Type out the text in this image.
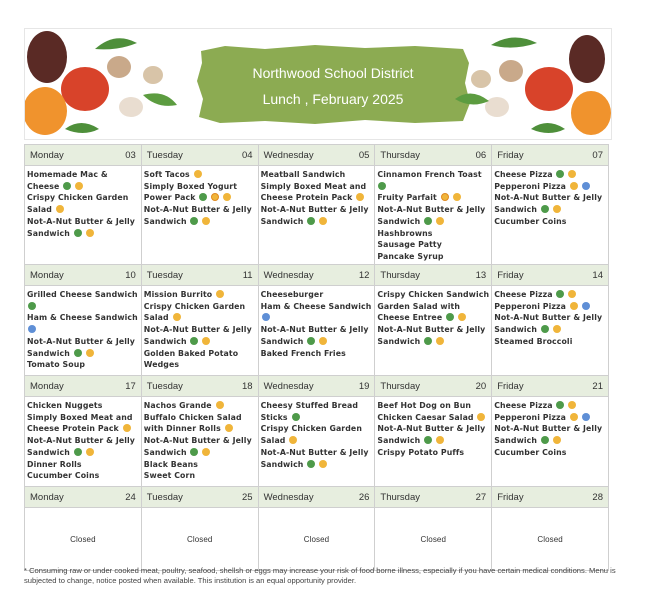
Northwood School District
Lunch , February 2025
Monday	03
Homemade Mac & Cheese
Crispy Chicken Garden Salad
Not-A-Nut Butter & Jelly Sandwich
Tuesday	04
Soft Tacos
Simply Boxed Yogurt Power Pack
Not-A-Nut Butter & Jelly Sandwich
Wednesday	05
Meatball Sandwich
Simply Boxed Meat and Cheese Protein Pack
Not-A-Nut Butter & Jelly Sandwich
Thursday	06
Cinnamon French Toast
Fruity Parfait
Not-A-Nut Butter & Jelly Sandwich
Hashbrowns
Sausage Patty
Pancake Syrup
Friday	07
Cheese Pizza
Pepperoni Pizza
Not-A-Nut Butter & Jelly Sandwich
Cucumber Coins
Monday	10
Grilled Cheese Sandwich
Ham & Cheese Sandwich
Not-A-Nut Butter & Jelly Sandwich
Tomato Soup
Tuesday	11
Mission Burrito
Crispy Chicken Garden Salad
Not-A-Nut Butter & Jelly Sandwich
Golden Baked Potato Wedges
Wednesday	12
Cheeseburger
Ham & Cheese Sandwich
Not-A-Nut Butter & Jelly Sandwich
Baked French Fries
Thursday	13
Crispy Chicken Sandwich
Garden Salad with Cheese Entree
Not-A-Nut Butter & Jelly Sandwich
Friday	14
Cheese Pizza
Pepperoni Pizza
Not-A-Nut Butter & Jelly Sandwich
Steamed Broccoli
Monday	17
Chicken Nuggets
Simply Boxed Meat and Cheese Protein Pack
Not-A-Nut Butter & Jelly Sandwich
Dinner Rolls
Cucumber Coins
Tuesday	18
Nachos Grande
Buffalo Chicken Salad with Dinner Rolls
Not-A-Nut Butter & Jelly Sandwich
Black Beans
Sweet Corn
Wednesday	19
Cheesy Stuffed Bread Sticks
Crispy Chicken Garden Salad
Not-A-Nut Butter & Jelly Sandwich
Thursday	20
Beef Hot Dog on Bun
Chicken Caesar Salad
Not-A-Nut Butter & Jelly Sandwich
Crispy Potato Puffs
Friday	21
Cheese Pizza
Pepperoni Pizza
Not-A-Nut Butter & Jelly Sandwich
Cucumber Coins
Monday	24
Closed
Tuesday	25
Closed
Wednesday	26
Closed
Thursday	27
Closed
Friday	28
Closed
* Consuming raw or under cooked meat, poultry, seafood, shellsh or eggs may increase your risk of food borne illness, especially if you have certain medical conditions. Menu is subjected to change, notice posted when available. This institution is an equal opportunity provider.
